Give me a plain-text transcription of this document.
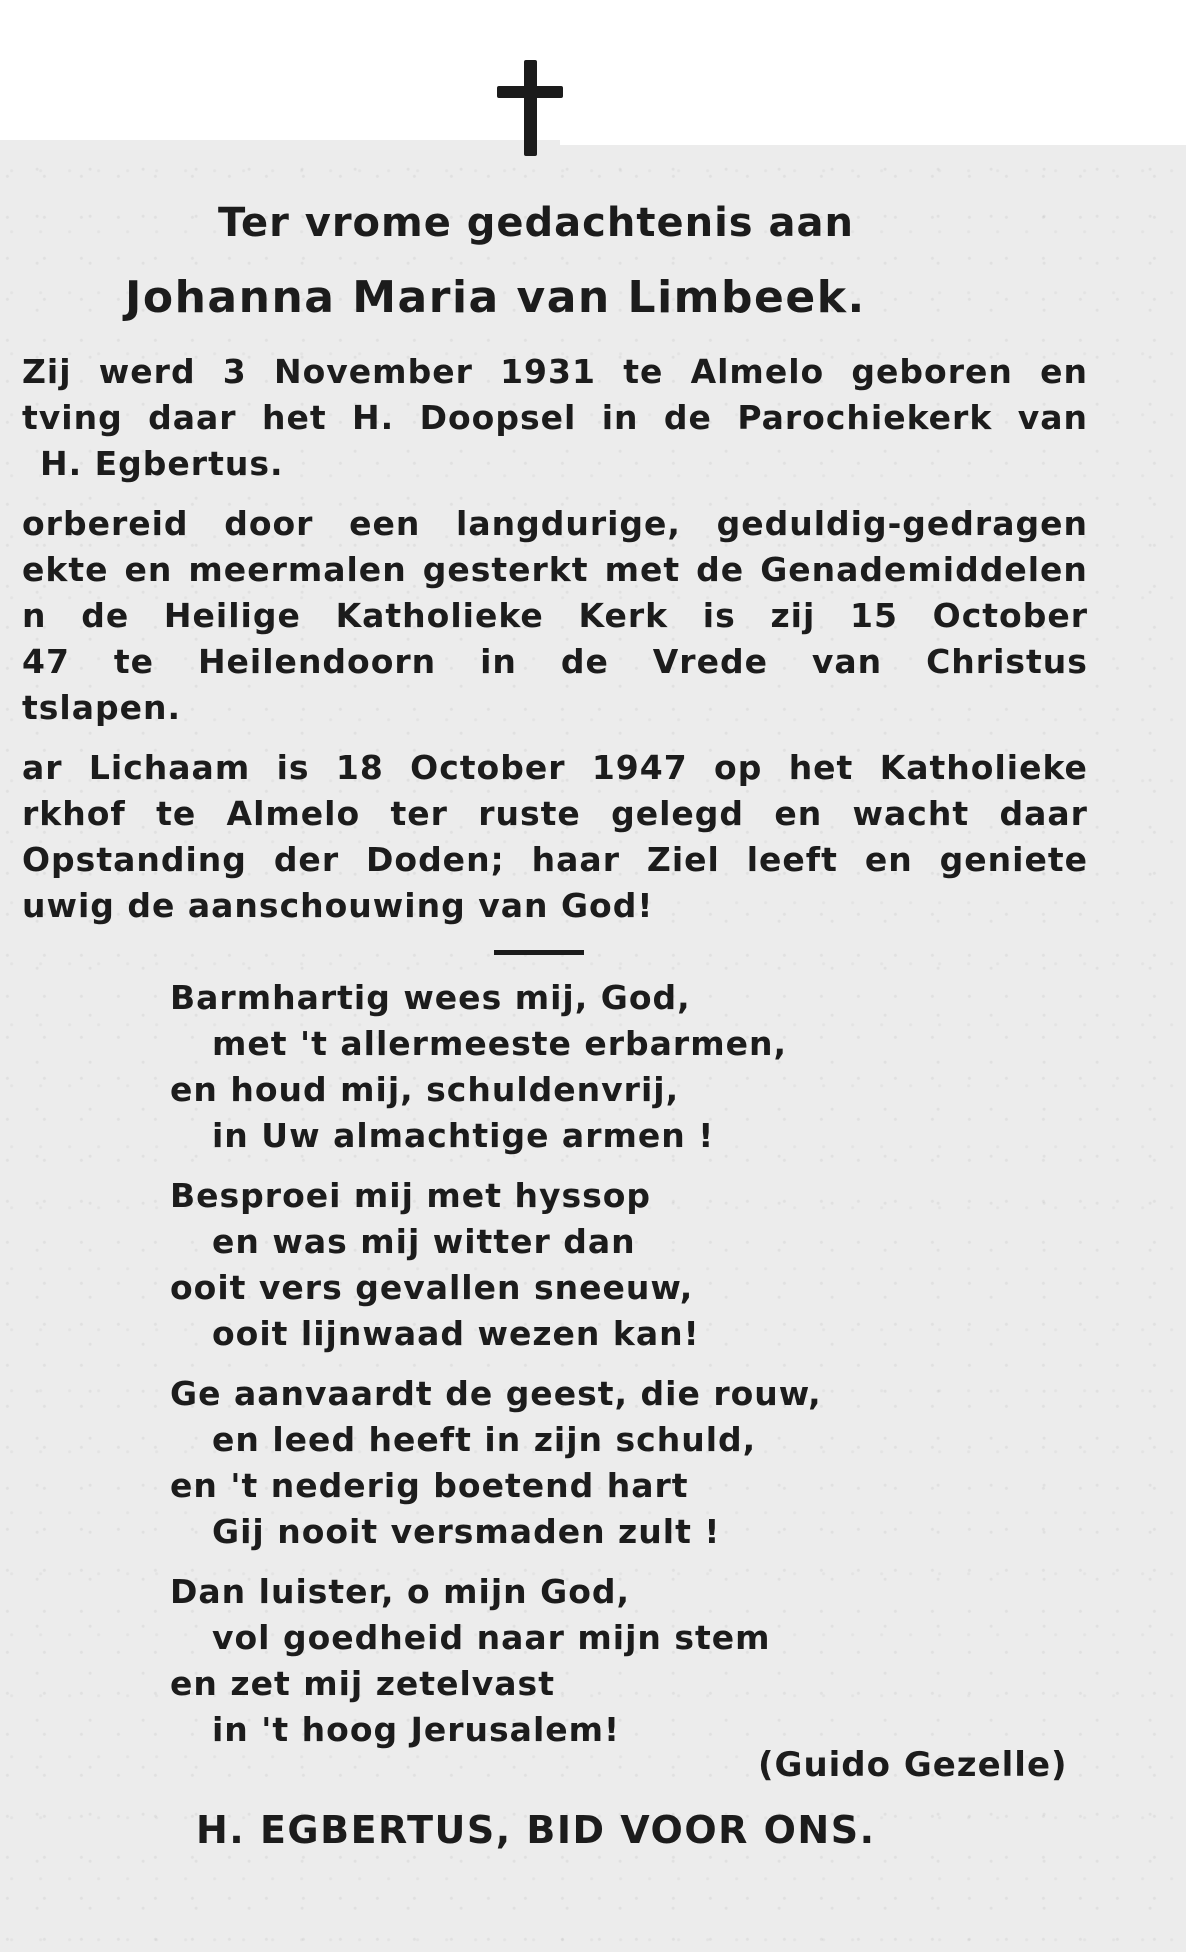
Ter vrome gedachtenis aan
Johanna Maria van Limbeek.
Zij werd 3 November 1931 te Almelo geboren en
tving daar het H. Doopsel in de Parochiekerk van
H. Egbertus.
orbereid door een langdurige, geduldig-gedragen
ekte en meermalen gesterkt met de Genademiddelen
n de Heilige Katholieke Kerk is zij 15 October
47 te Heilendoorn in de Vrede van Christus
tslapen.
ar Lichaam is 18 October 1947 op het Katholieke
rkhof te Almelo ter ruste gelegd en wacht daar
Opstanding der Doden; haar Ziel leeft en geniete
uwig de aanschouwing van God!
Barmhartig wees mij, God,
met 't allermeeste erbarmen,
en houd mij, schuldenvrij,
in Uw almachtige armen !
Besproei mij met hyssop
en was mij witter dan
ooit vers gevallen sneeuw,
ooit lijnwaad wezen kan!
Ge aanvaardt de geest, die rouw,
en leed heeft in zijn schuld,
en 't nederig boetend hart
Gij nooit versmaden zult !
Dan luister, o mijn God,
vol goedheid naar mijn stem
en zet mij zetelvast
in 't hoog Jerusalem!
(Guido Gezelle)
H. EGBERTUS, BID VOOR ONS.
